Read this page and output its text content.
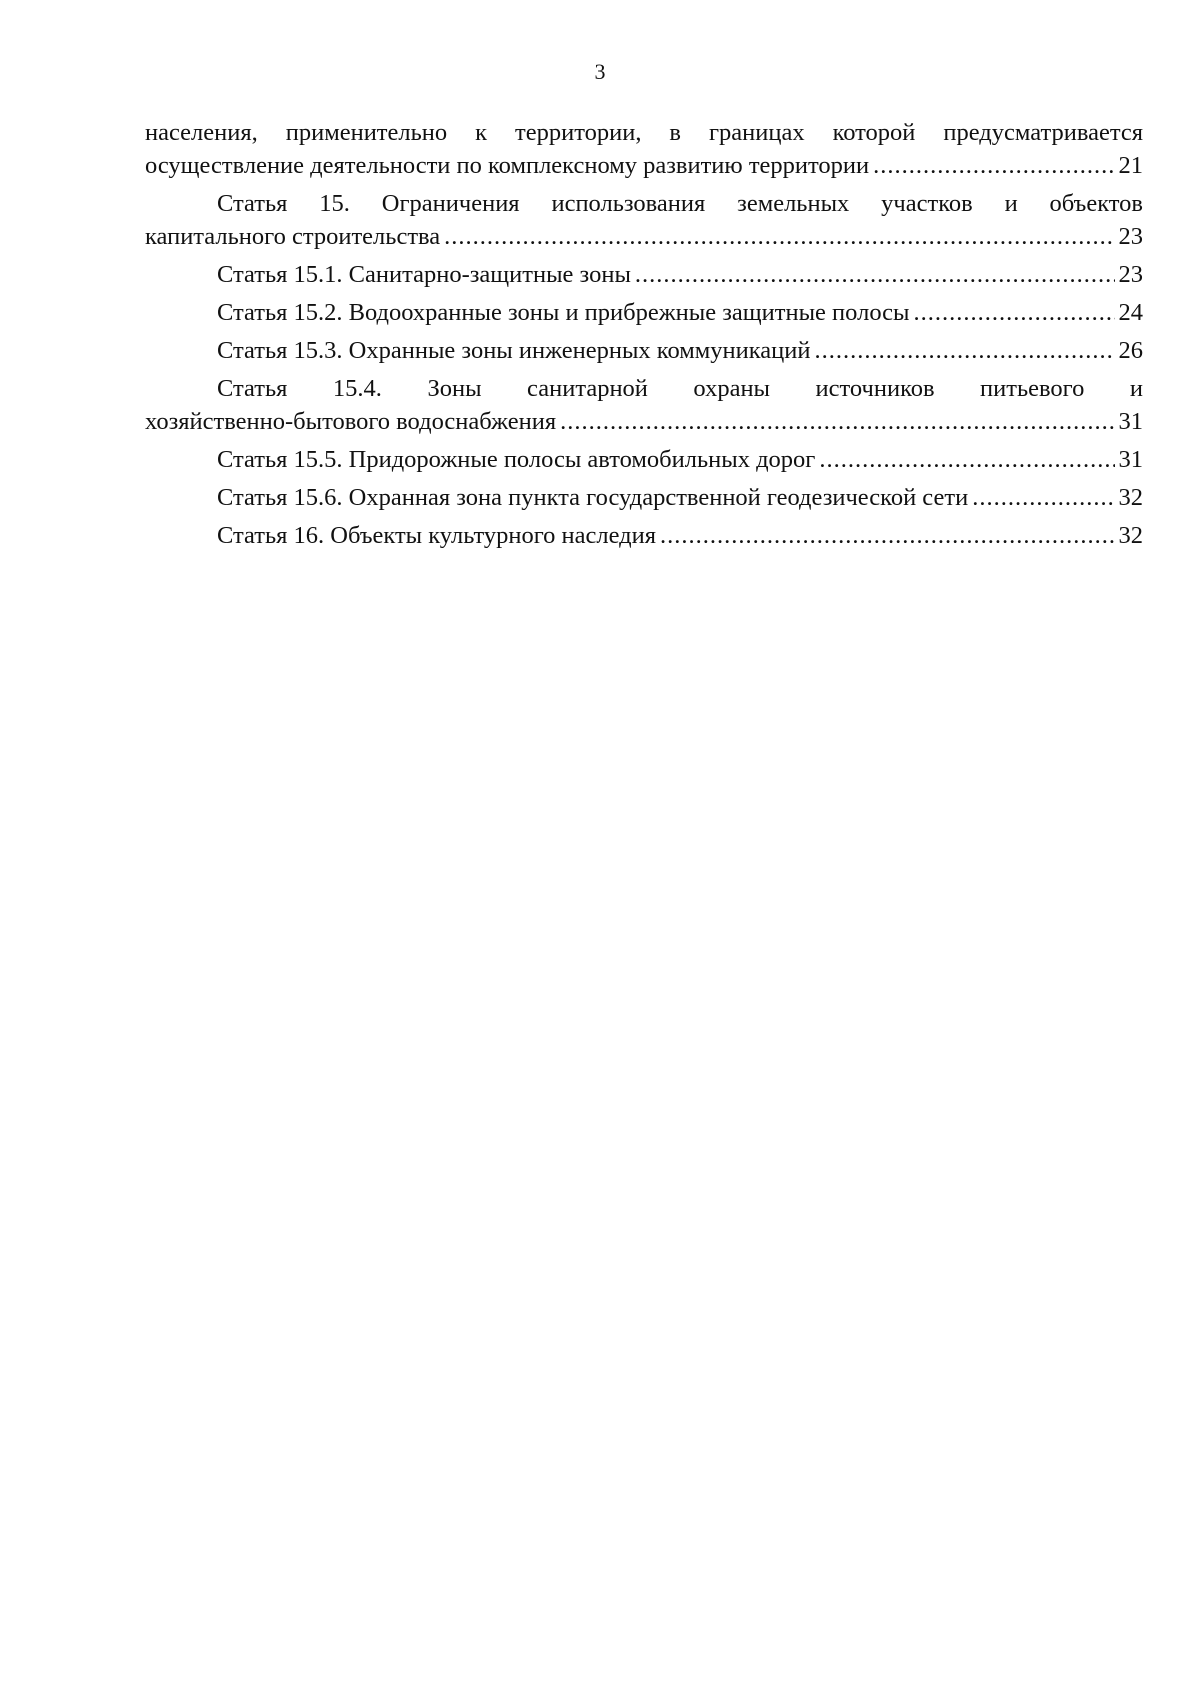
3
населения, применительно к территории, в границах которой предусматривается
осуществление деятельности по комплексному развитию территории .....	21
Статья 15. Ограничения использования земельных участков и объектов
капитального строительства .....	23
Статья 15.1. Санитарно-защитные зоны .....	23
Статья 15.2. Водоохранные зоны и прибрежные защитные полосы .....	24
Статья 15.3. Охранные зоны инженерных коммуникаций .....	26
Статья 15.4. Зоны санитарной охраны источников питьевого и
хозяйственно-бытового водоснабжения .....	31
Статья 15.5. Придорожные полосы автомобильных дорог .....	31
Статья 15.6. Охранная зона пункта государственной геодезической сети .....	32
Статья 16. Объекты культурного наследия .....	32
